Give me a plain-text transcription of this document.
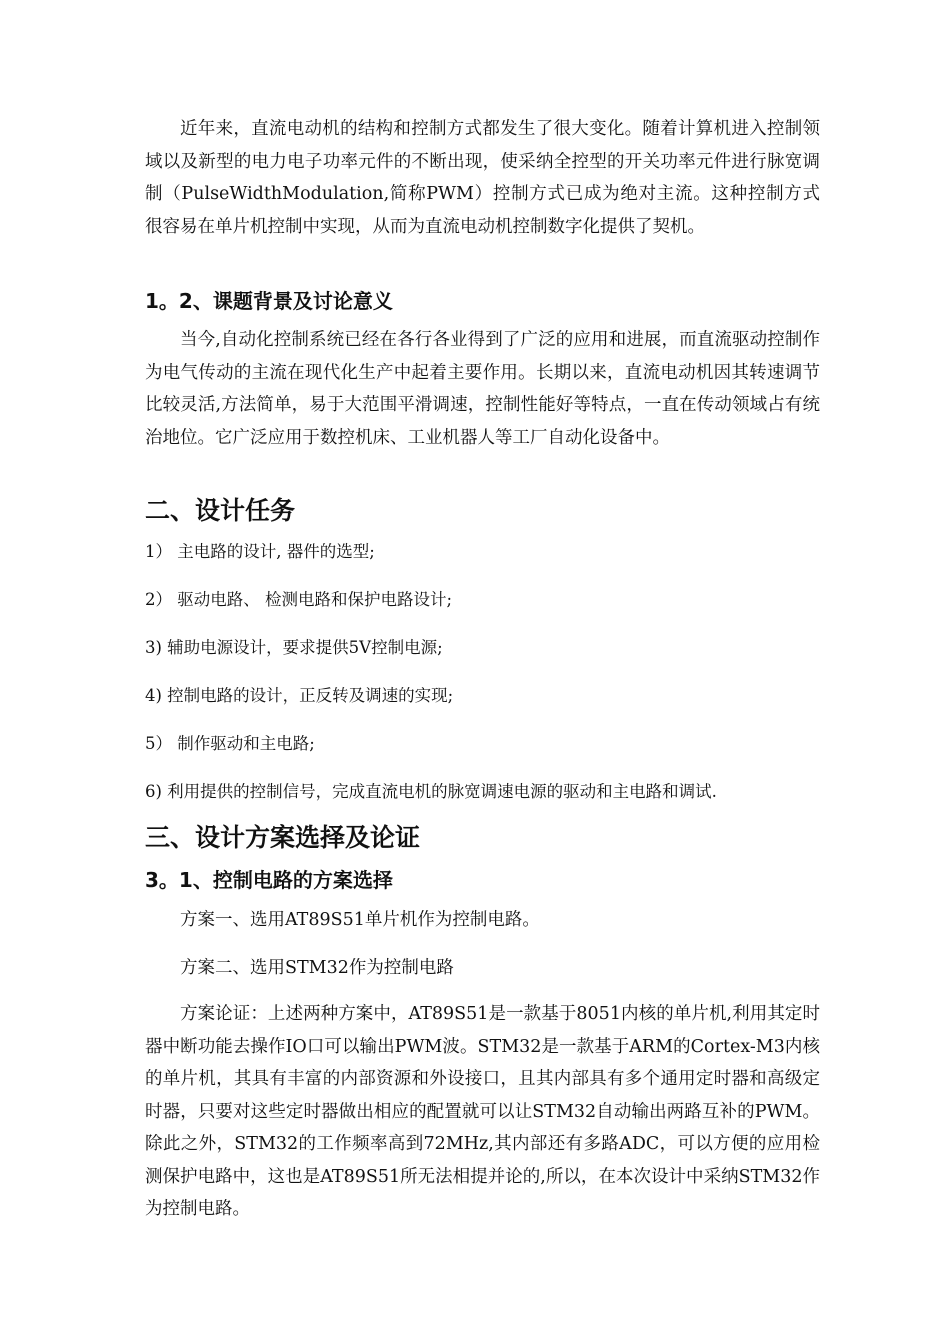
近年来，直流电动机的结构和控制方式都发生了很大变化。随着计算机进入控制领域以及新型的电力电子功率元件的不断出现，使采纳全控型的开关功率元件进行脉宽调制（PulseWidthModulation,简称PWM）控制方式已成为绝对主流。这种控制方式很容易在单片机控制中实现，从而为直流电动机控制数字化提供了契机。

1。2、课题背景及讨论意义

当今,自动化控制系统已经在各行各业得到了广泛的应用和进展，而直流驱动控制作为电气传动的主流在现代化生产中起着主要作用。长期以来，直流电动机因其转速调节比较灵活,方法简单，易于大范围平滑调速，控制性能好等特点，一直在传动领域占有统治地位。它广泛应用于数控机床、工业机器人等工厂自动化设备中。

二、设计任务

1） 主电路的设计, 器件的选型;

2） 驱动电路、 检测电路和保护电路设计;

3) 辅助电源设计，要求提供5V控制电源;

4) 控制电路的设计，正反转及调速的实现;

5） 制作驱动和主电路;

6) 利用提供的控制信号，完成直流电机的脉宽调速电源的驱动和主电路和调试.

三、设计方案选择及论证
3。1、控制电路的方案选择

方案一、选用AT89S51单片机作为控制电路。

方案二、选用STM32作为控制电路

方案论证：上述两种方案中，AT89S51是一款基于8051内核的单片机,利用其定时器中断功能去操作IO口可以输出PWM波。STM32是一款基于ARM的Cortex-M3内核的单片机，其具有丰富的内部资源和外设接口，且其内部具有多个通用定时器和高级定时器，只要对这些定时器做出相应的配置就可以让STM32自动输出两路互补的PWM。除此之外，STM32的工作频率高到72MHz,其内部还有多路ADC，可以方便的应用检测保护电路中，这也是AT89S51所无法相提并论的,所以，在本次设计中采纳STM32作为控制电路。
